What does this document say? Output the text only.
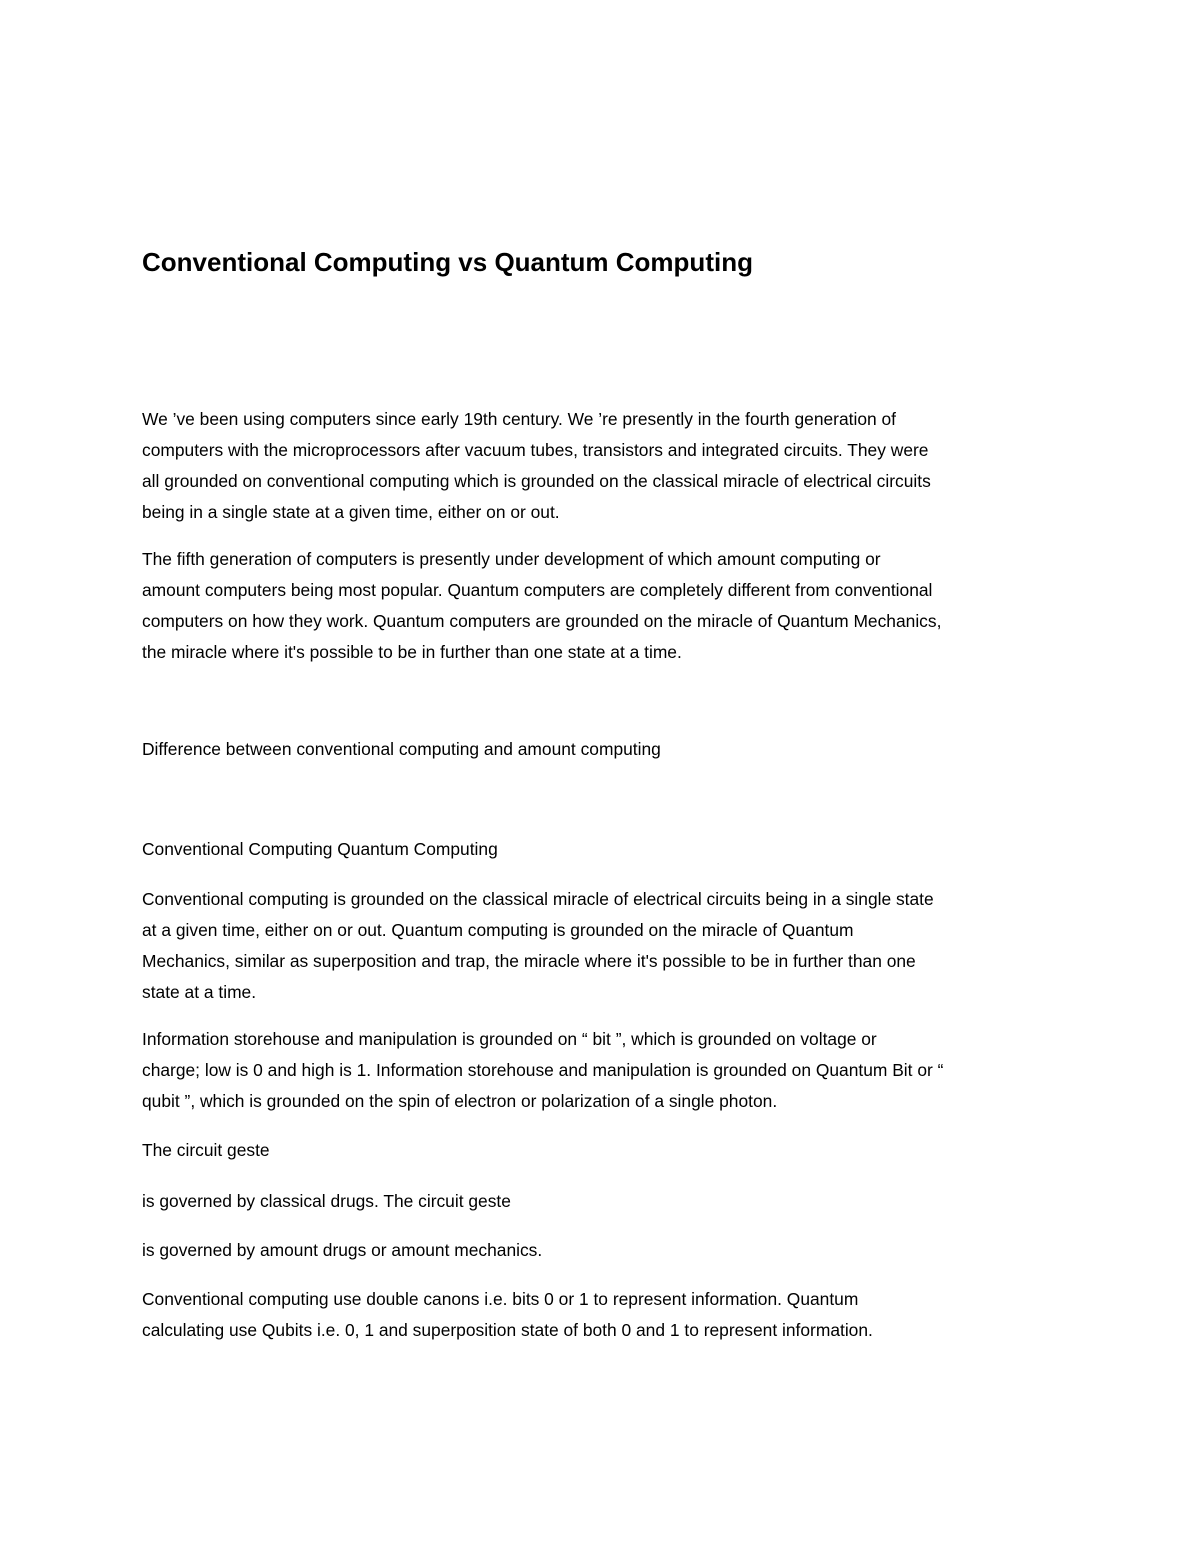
Conventional Computing vs Quantum Computing

We ’ve been using computers since early 19th century. We ’re presently in the fourth generation of
computers with the microprocessors after vacuum tubes, transistors and integrated circuits. They were
all grounded on conventional computing which is grounded on the classical miracle of electrical circuits
being in a single state at a given time, either on or out.

The fifth generation of computers is presently under development of which amount computing or
amount computers being most popular. Quantum computers are completely different from conventional
computers on how they work. Quantum computers are grounded on the miracle of Quantum Mechanics,
the miracle where it's possible to be in further than one state at a time.

Difference between conventional computing and amount computing

Conventional Computing Quantum Computing

Conventional computing is grounded on the classical miracle of electrical circuits being in a single state
at a given time, either on or out. Quantum computing is grounded on the miracle of Quantum
Mechanics, similar as superposition and trap, the miracle where it's possible to be in further than one
state at a time.

Information storehouse and manipulation is grounded on “ bit ”, which is grounded on voltage or
charge; low is 0 and high is 1. Information storehouse and manipulation is grounded on Quantum Bit or “
qubit ”, which is grounded on the spin of electron or polarization of a single photon.

The circuit geste

is governed by classical drugs. The circuit geste

is governed by amount drugs or amount mechanics.

Conventional computing use double canons i.e. bits 0 or 1 to represent information. Quantum
calculating use Qubits i.e. 0, 1 and superposition state of both 0 and 1 to represent information.
